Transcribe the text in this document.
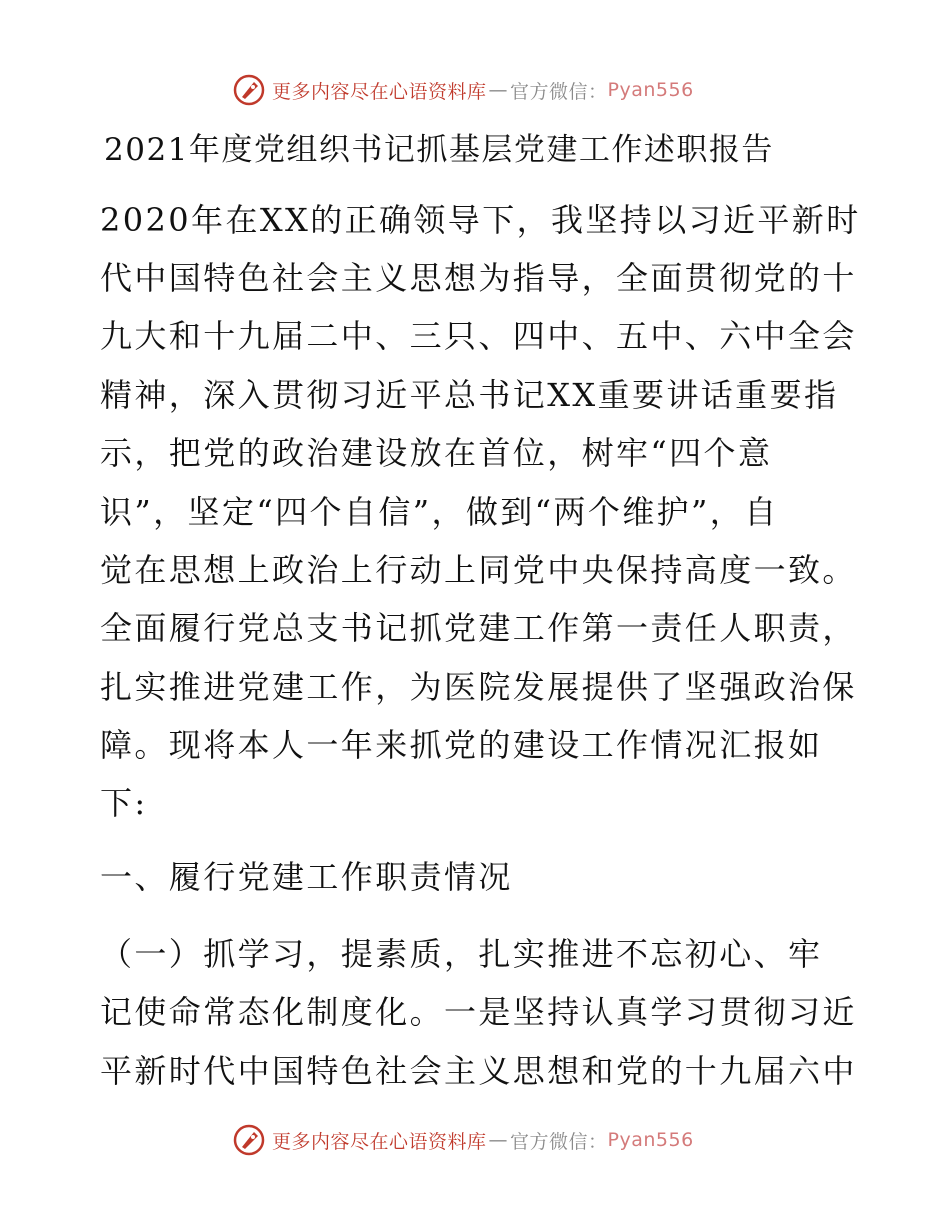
更多内容尽在心语资料库 — 官方微信： Pyan556
2021年度党组织书记抓基层党建工作述职报告
2020年在XX的正确领导下，我坚持以习近平新时
代中国特色社会主义思想为指导，全面贯彻党的十
九大和十九届二中、三只、四中、五中、六中全会
精神，深入贯彻习近平总书记XX重要讲话重要指
示，把党的政治建设放在首位，树牢“四个意
识”，坚定“四个自信”，做到“两个维护”，自
觉在思想上政治上行动上同党中央保持高度一致。
全面履行党总支书记抓党建工作第一责任人职责，
扎实推进党建工作，为医院发展提供了坚强政治保
障。现将本人一年来抓党的建设工作情况汇报如
下:
一、履行党建工作职责情况
（一）抓学习，提素质，扎实推进不忘初心、牢
记使命常态化制度化。一是坚持认真学习贯彻习近
平新时代中国特色社会主义思想和党的十九届六中
更多内容尽在心语资料库 — 官方微信： Pyan556
